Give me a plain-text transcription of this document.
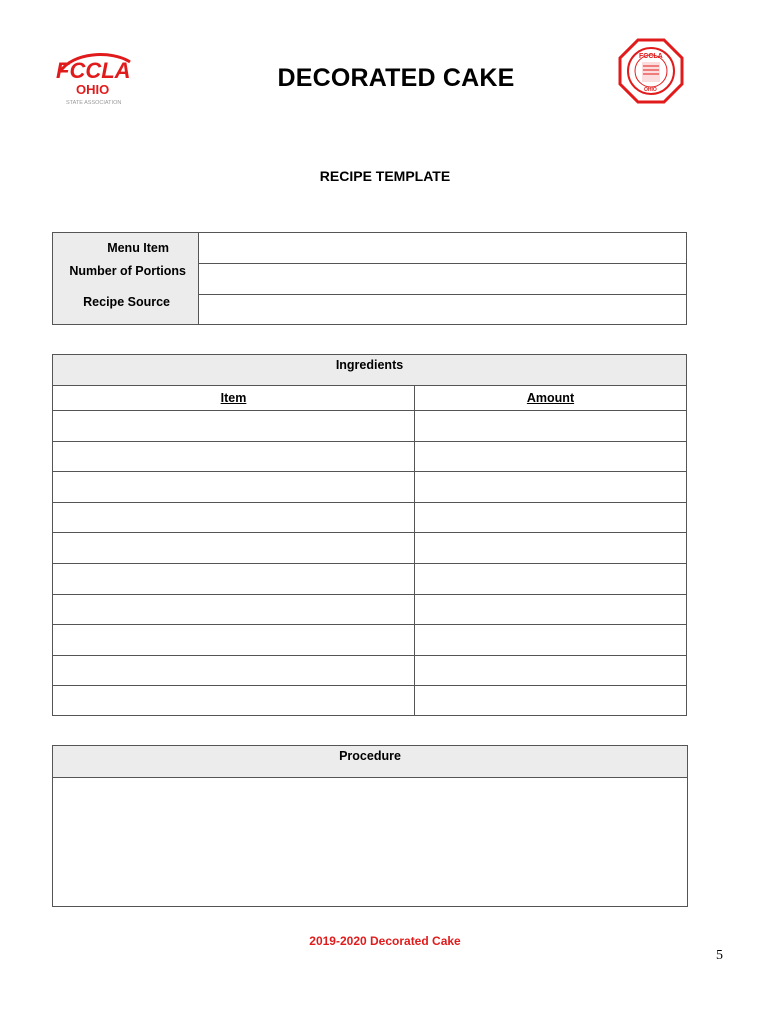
FCCLA
OHIO
STATE ASSOCIATION
FCCLA
OHIO
DECORATED CAKE
RECIPE TEMPLATE
Menu Item
Number of Portions
Recipe Source
Ingredients
Item	Amount
Procedure
2019-2020 Decorated Cake
5
